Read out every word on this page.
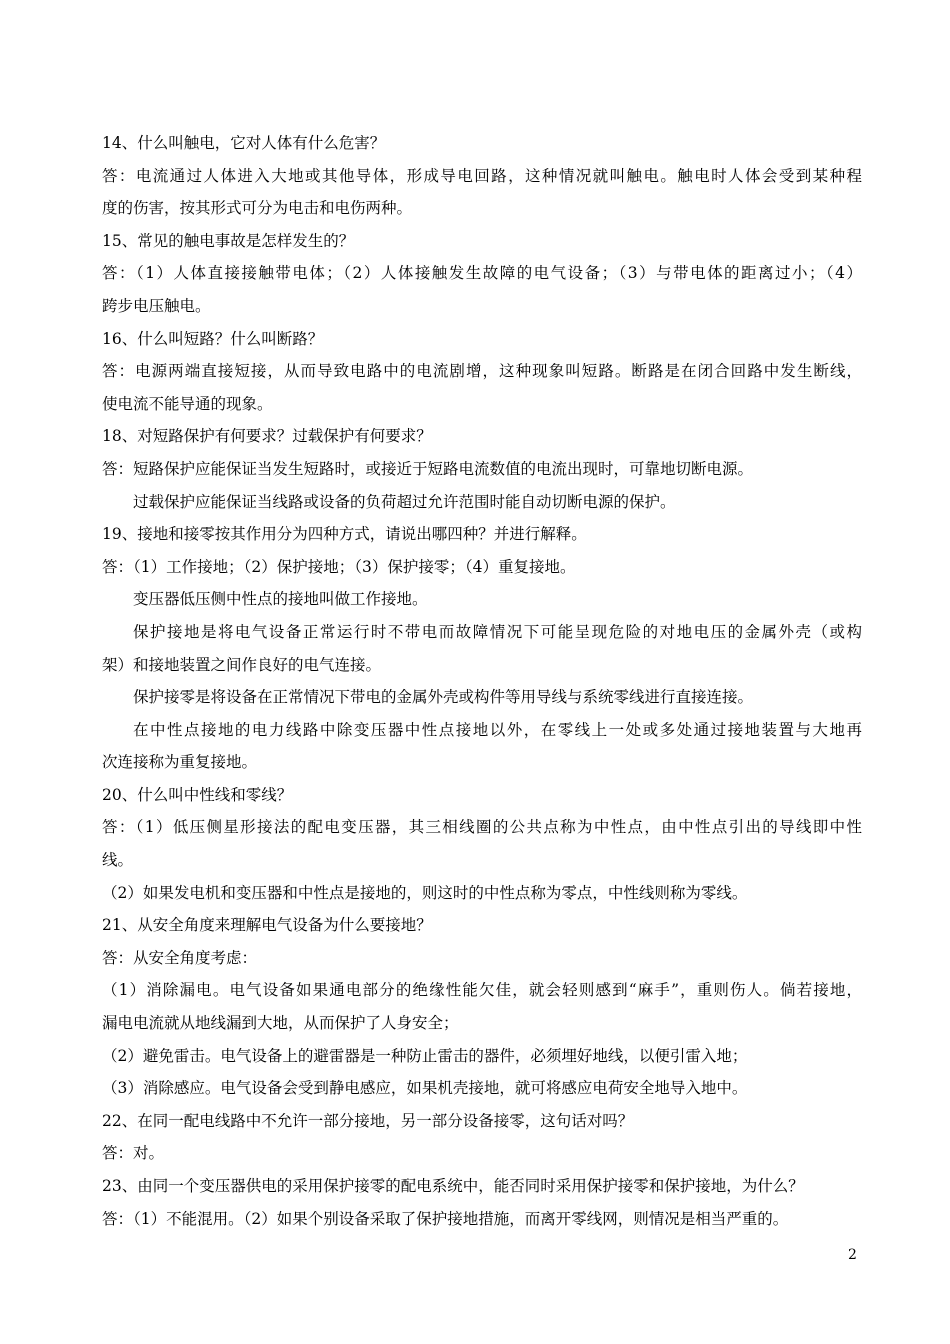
14、什么叫触电，它对人体有什么危害？

答：电流通过人体进入大地或其他导体，形成导电回路，这种情况就叫触电。触电时人体会受到某种程

度的伤害，按其形式可分为电击和电伤两种。

15、常见的触电事故是怎样发生的？

答：（1）人体直接接触带电体；（2）人体接触发生故障的电气设备；（3）与带电体的距离过小；（4）

跨步电压触电。

16、什么叫短路？什么叫断路？

答：电源两端直接短接，从而导致电路中的电流剧增，这种现象叫短路。断路是在闭合回路中发生断线，

使电流不能导通的现象。

18、对短路保护有何要求？过载保护有何要求？

答：短路保护应能保证当发生短路时，或接近于短路电流数值的电流出现时，可靠地切断电源。

过载保护应能保证当线路或设备的负荷超过允许范围时能自动切断电源的保护。

19、接地和接零按其作用分为四种方式，请说出哪四种？并进行解释。

答：（1）工作接地；（2）保护接地；（3）保护接零；（4）重复接地。

变压器低压侧中性点的接地叫做工作接地。

保护接地是将电气设备正常运行时不带电而故障情况下可能呈现危险的对地电压的金属外壳（或构

架）和接地装置之间作良好的电气连接。

保护接零是将设备在正常情况下带电的金属外壳或构件等用导线与系统零线进行直接连接。

在中性点接地的电力线路中除变压器中性点接地以外，在零线上一处或多处通过接地装置与大地再

次连接称为重复接地。

20、什么叫中性线和零线？

答：（1）低压侧星形接法的配电变压器，其三相线圈的公共点称为中性点，由中性点引出的导线即中性

线。

（2）如果发电机和变压器和中性点是接地的，则这时的中性点称为零点，中性线则称为零线。

21、从安全角度来理解电气设备为什么要接地？

答：从安全角度考虑：

（1）消除漏电。电气设备如果通电部分的绝缘性能欠佳，就会轻则感到“麻手”，重则伤人。倘若接地，

漏电电流就从地线漏到大地，从而保护了人身安全；

（2）避免雷击。电气设备上的避雷器是一种防止雷击的器件，必须埋好地线，以便引雷入地；

（3）消除感应。电气设备会受到静电感应，如果机壳接地，就可将感应电荷安全地导入地中。

22、在同一配电线路中不允许一部分接地，另一部分设备接零，这句话对吗？

答：对。

23、由同一个变压器供电的采用保护接零的配电系统中，能否同时采用保护接零和保护接地，为什么？

答：（1）不能混用。（2）如果个别设备采取了保护接地措施，而离开零线网，则情况是相当严重的。

2
